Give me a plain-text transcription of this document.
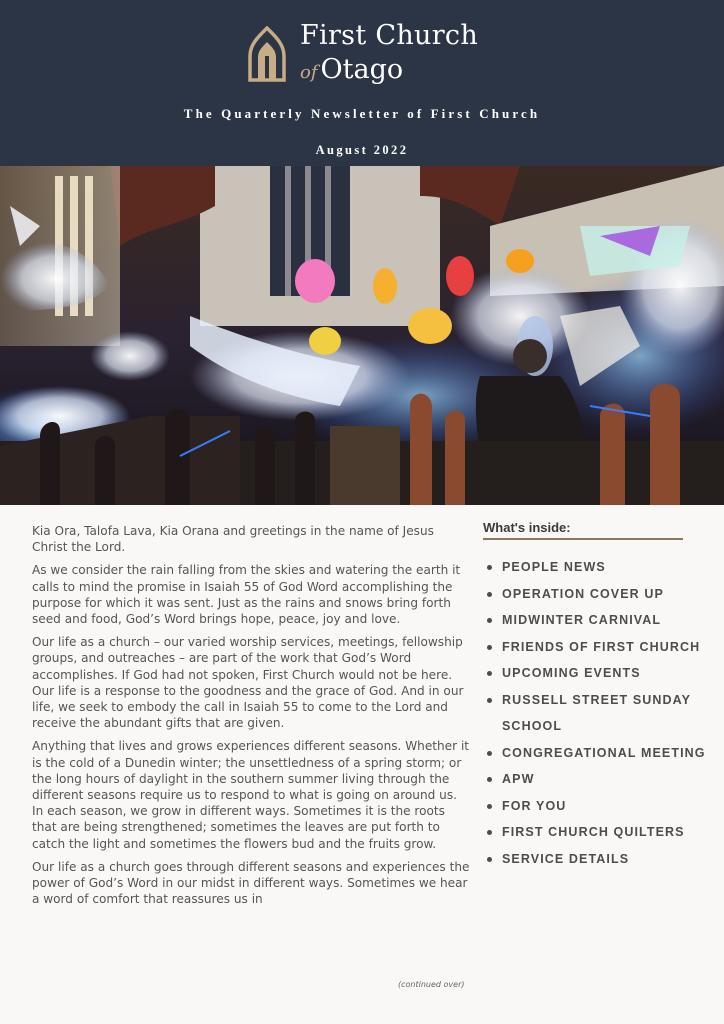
First Church
of Otago
The Quarterly Newsletter of First Church
August 2022

Kia Ora, Talofa Lava, Kia Orana and greetings in the name of Jesus Christ the Lord.

As we consider the rain falling from the skies and watering the earth it calls to mind the promise in Isaiah 55 of God Word accomplishing the purpose for which it was sent. Just as the rains and snows bring forth seed and food, God’s Word brings hope, peace, joy and love.

Our life as a church – our varied worship services, meetings, fellowship groups, and outreaches – are part of the work that God’s Word accomplishes. If God had not spoken, First Church would not be here. Our life is a response to the goodness and the grace of God. And in our life, we seek to embody the call in Isaiah 55 to come to the Lord and receive the abundant gifts that are given.

Anything that lives and grows experiences different seasons. Whether it is the cold of a Dunedin winter; the unsettledness of a spring storm; or the long hours of daylight in the southern summer living through the different seasons require us to respond to what is going on around us. In each season, we grow in different ways. Sometimes it is the roots that are being strengthened; sometimes the leaves are put forth to catch the light and sometimes the flowers bud and the fruits grow.

Our life as a church goes through different seasons and experiences the power of God’s Word in our midst in different ways. Sometimes we hear a word of comfort that reassures us in

(continued over)
What's inside:
PEOPLE NEWS
OPERATION COVER UP
MIDWINTER CARNIVAL
FRIENDS OF FIRST CHURCH
UPCOMING EVENTS
RUSSELL STREET SUNDAY SCHOOL
CONGREGATIONAL MEETING
APW
FOR YOU
FIRST CHURCH QUILTERS
SERVICE DETAILS
